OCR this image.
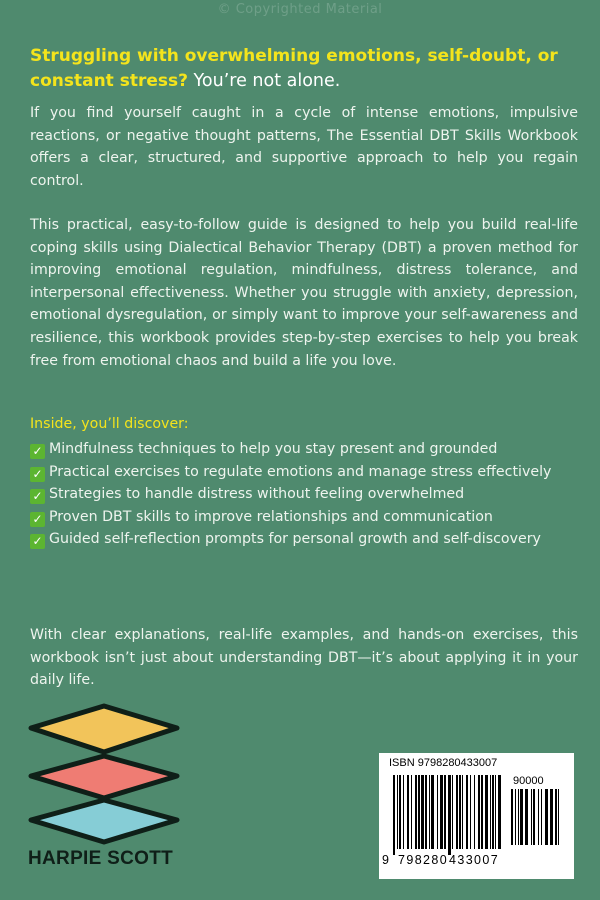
© Copyrighted Material

Struggling with overwhelming emotions, self-doubt, or constant stress? You’re not alone.

If you find yourself caught in a cycle of intense emotions, impulsive reactions, or negative thought patterns, The Essential DBT Skills Workbook offers a clear, structured, and supportive approach to help you regain control.

This practical, easy-to-follow guide is designed to help you build real-life coping skills using Dialectical Behavior Therapy (DBT) a proven method for improving emotional regulation, mindfulness, distress tolerance, and interpersonal effectiveness. Whether you struggle with anxiety, depression, emotional dysregulation, or simply want to improve your self-awareness and resilience, this workbook provides step-by-step exercises to help you break free from emotional chaos and build a life you love.

Inside, you’ll discover:

✓ Mindfulness techniques to help you stay present and grounded
✓ Practical exercises to regulate emotions and manage stress effectively
✓ Strategies to handle distress without feeling overwhelmed
✓ Proven DBT skills to improve relationships and communication
✓ Guided self-reflection prompts for personal growth and self-discovery

With clear explanations, real-life examples, and hands-on exercises, this workbook isn’t just about understanding DBT—it’s about applying it in your daily life.

HARPIE SCOTT

ISBN 9798280433007

90000

9 798280 433007
